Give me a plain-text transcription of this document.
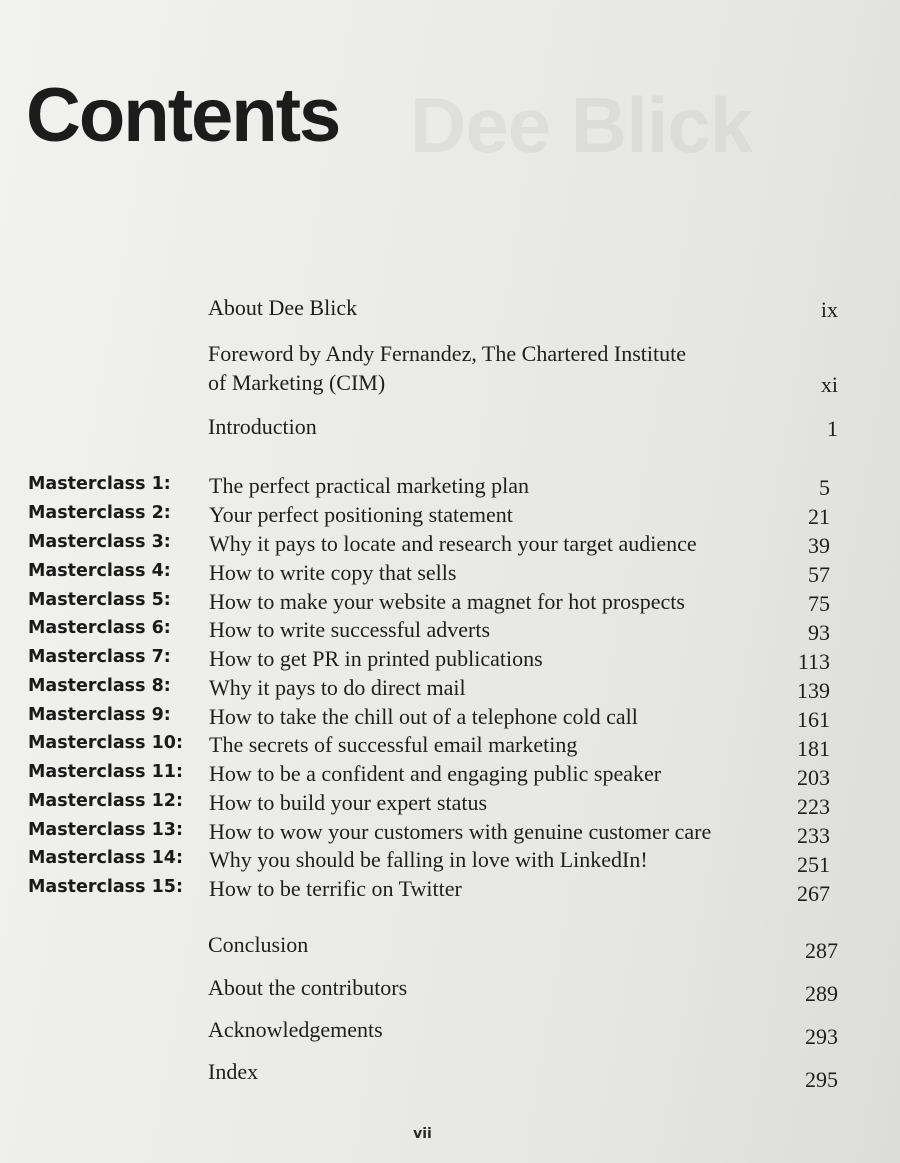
Dee Blick
Contents
About Dee Blick	ix
Foreword by Andy Fernandez, The Chartered Institute
of Marketing (CIM)	xi
Introduction	1
Masterclass 1: The perfect practical marketing plan	5
Masterclass 2: Your perfect positioning statement	21
Masterclass 3: Why it pays to locate and research your target audience	39
Masterclass 4: How to write copy that sells	57
Masterclass 5: How to make your website a magnet for hot prospects	75
Masterclass 6: How to write successful adverts	93
Masterclass 7: How to get PR in printed publications	113
Masterclass 8: Why it pays to do direct mail	139
Masterclass 9: How to take the chill out of a telephone cold call	161
Masterclass 10: The secrets of successful email marketing	181
Masterclass 11: How to be a confident and engaging public speaker	203
Masterclass 12: How to build your expert status	223
Masterclass 13: How to wow your customers with genuine customer care	233
Masterclass 14: Why you should be falling in love with LinkedIn!	251
Masterclass 15: How to be terrific on Twitter	267
Conclusion	287
About the contributors	289
Acknowledgements	293
Index	295
vii
